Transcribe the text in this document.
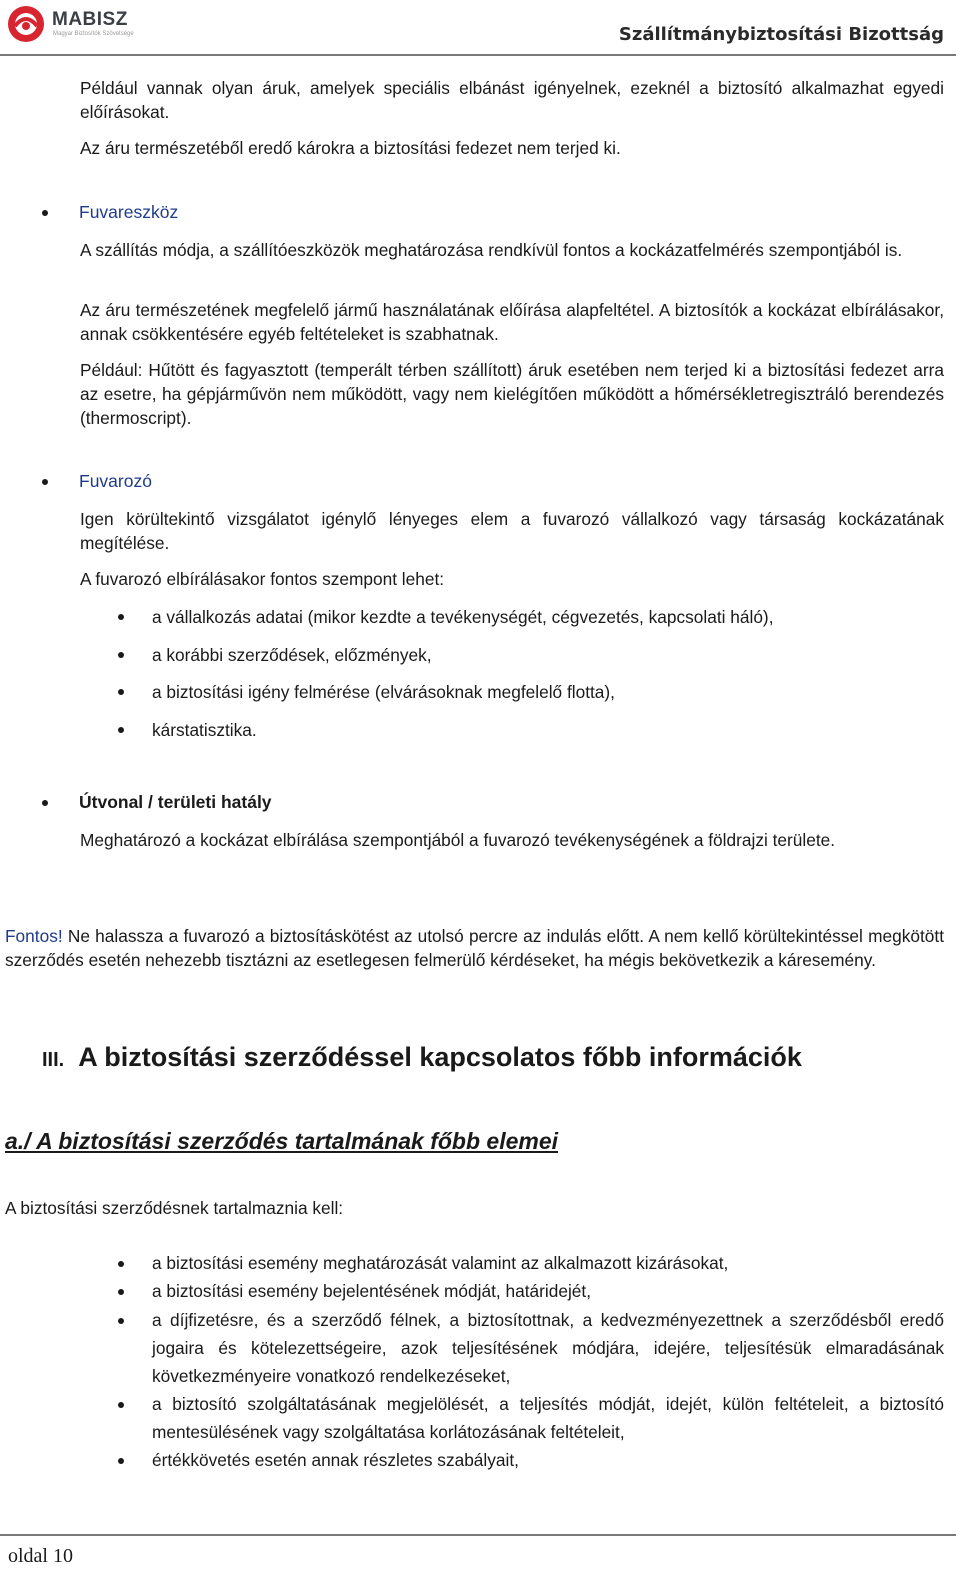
MABISZ
Magyar Biztosítók Szövetsége	Szállítmánybiztosítási Bizottság

Például vannak olyan áruk, amelyek speciális elbánást igényelnek, ezeknél a biztosító alkalmazhat egyedi előírásokat.

Az áru természetéből eredő károkra a biztosítási fedezet nem terjed ki.

Fuvareszköz

A szállítás módja, a szállítóeszközök meghatározása rendkívül fontos a kockázatfelmérés szempontjából is.

Az áru természetének megfelelő jármű használatának előírása alapfeltétel. A biztosítók a kockázat elbírálásakor, annak csökkentésére egyéb feltételeket is szabhatnak.

Például: Hűtött és fagyasztott (temperált térben szállított) áruk esetében nem terjed ki a biztosítási fedezet arra az esetre, ha gépjárművön nem működött, vagy nem kielégítően működött a hőmérsékletregisztráló berendezés (thermoscript).

Fuvarozó

Igen körültekintő vizsgálatot igénylő lényeges elem a fuvarozó vállalkozó vagy társaság kockázatának megítélése.

A fuvarozó elbírálásakor fontos szempont lehet:

a vállalkozás adatai (mikor kezdte a tevékenységét, cégvezetés, kapcsolati háló),
a korábbi szerződések, előzmények,
a biztosítási igény felmérése (elvárásoknak megfelelő flotta),
kárstatisztika.
Útvonal / területi hatály

Meghatározó a kockázat elbírálása szempontjából a fuvarozó tevékenységének a földrajzi területe.

Fontos! Ne halassza a fuvarozó a biztosításkötést az utolsó percre az indulás előtt. A nem kellő körültekintéssel megkötött szerződés esetén nehezebb tisztázni az esetlegesen felmerülő kérdéseket, ha mégis bekövetkezik a káresemény.

III. A biztosítási szerződéssel kapcsolatos főbb információk
a./ A biztosítási szerződés tartalmának főbb elemei

A biztosítási szerződésnek tartalmaznia kell:

a biztosítási esemény meghatározását valamint az alkalmazott kizárásokat,
a biztosítási esemény bejelentésének módját, határidejét,
a díjfizetésre, és a szerződő félnek, a biztosítottnak, a kedvezményezettnek a szerződésből eredő jogaira és kötelezettségeire, azok teljesítésének módjára, idejére, teljesítésük elmaradásának következményeire vonatkozó rendelkezéseket,
a biztosító szolgáltatásának megjelölését, a teljesítés módját, idejét, külön feltételeit, a biztosító mentesülésének vagy szolgáltatása korlátozásának feltételeit,
értékkövetés esetén annak részletes szabályait,
oldal 10
